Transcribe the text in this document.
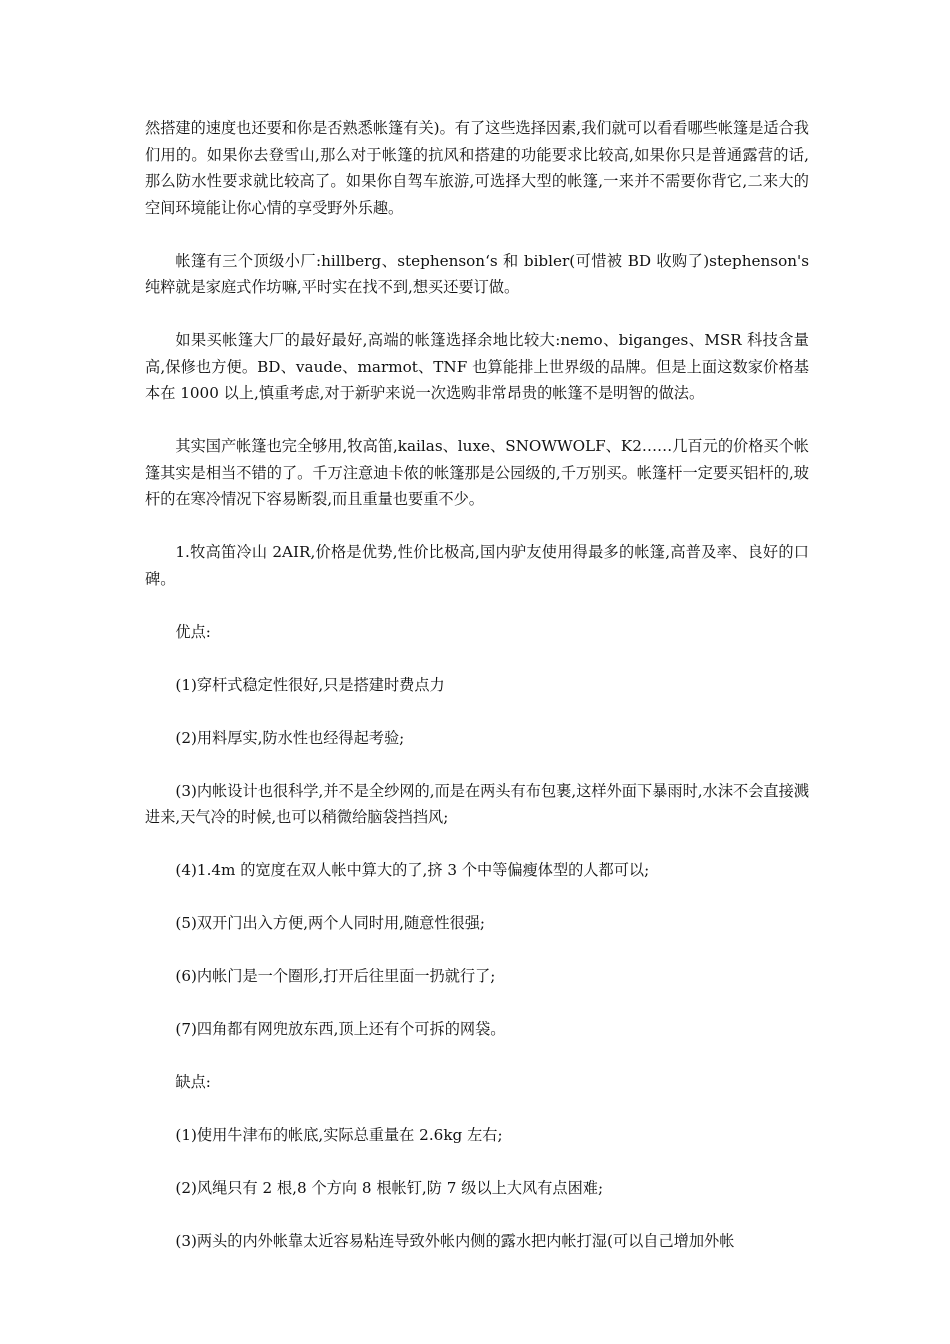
然搭建的速度也还要和你是否熟悉帐篷有关)。有了这些选择因素,我们就可以看看哪些帐篷是适合我们用的。如果你去登雪山,那么对于帐篷的抗风和搭建的功能要求比较高,如果你只是普通露营的话,那么防水性要求就比较高了。如果你自驾车旅游,可选择大型的帐篷,一来并不需要你背它,二来大的空间环境能让你心情的享受野外乐趣。

帐篷有三个顶级小厂:hillberg、stephenson‘s 和 bibler(可惜被 BD 收购了)stephenson's 纯粹就是家庭式作坊嘛,平时实在找不到,想买还要订做。

如果买帐篷大厂的最好最好,高端的帐篷选择余地比较大:nemo、biganges、MSR 科技含量高,保修也方便。BD、vaude、marmot、TNF 也算能排上世界级的品牌。但是上面这数家价格基本在 1000 以上,慎重考虑,对于新驴来说一次选购非常昂贵的帐篷不是明智的做法。

其实国产帐篷也完全够用,牧高笛,kailas、luxe、SNOWWOLF、K2……几百元的价格买个帐篷其实是相当不错的了。千万注意迪卡侬的帐篷那是公园级的,千万别买。帐篷杆一定要买铝杆的,玻杆的在寒冷情况下容易断裂,而且重量也要重不少。

1.牧高笛冷山 2AIR,价格是优势,性价比极高,国内驴友使用得最多的帐篷,高普及率、良好的口碑。

优点:

(1)穿杆式稳定性很好,只是搭建时费点力

(2)用料厚实,防水性也经得起考验;

(3)内帐设计也很科学,并不是全纱网的,而是在两头有布包裹,这样外面下暴雨时,水沫不会直接溅进来,天气冷的时候,也可以稍微给脑袋挡挡风;

(4)1.4m 的宽度在双人帐中算大的了,挤 3 个中等偏瘦体型的人都可以;

(5)双开门出入方便,两个人同时用,随意性很强;

(6)内帐门是一个圈形,打开后往里面一扔就行了;

(7)四角都有网兜放东西,顶上还有个可拆的网袋。

缺点:

(1)使用牛津布的帐底,实际总重量在 2.6kg 左右;

(2)风绳只有 2 根,8 个方向 8 根帐钉,防 7 级以上大风有点困难;

(3)两头的内外帐靠太近容易粘连导致外帐内侧的露水把内帐打湿(可以自己增加外帐
